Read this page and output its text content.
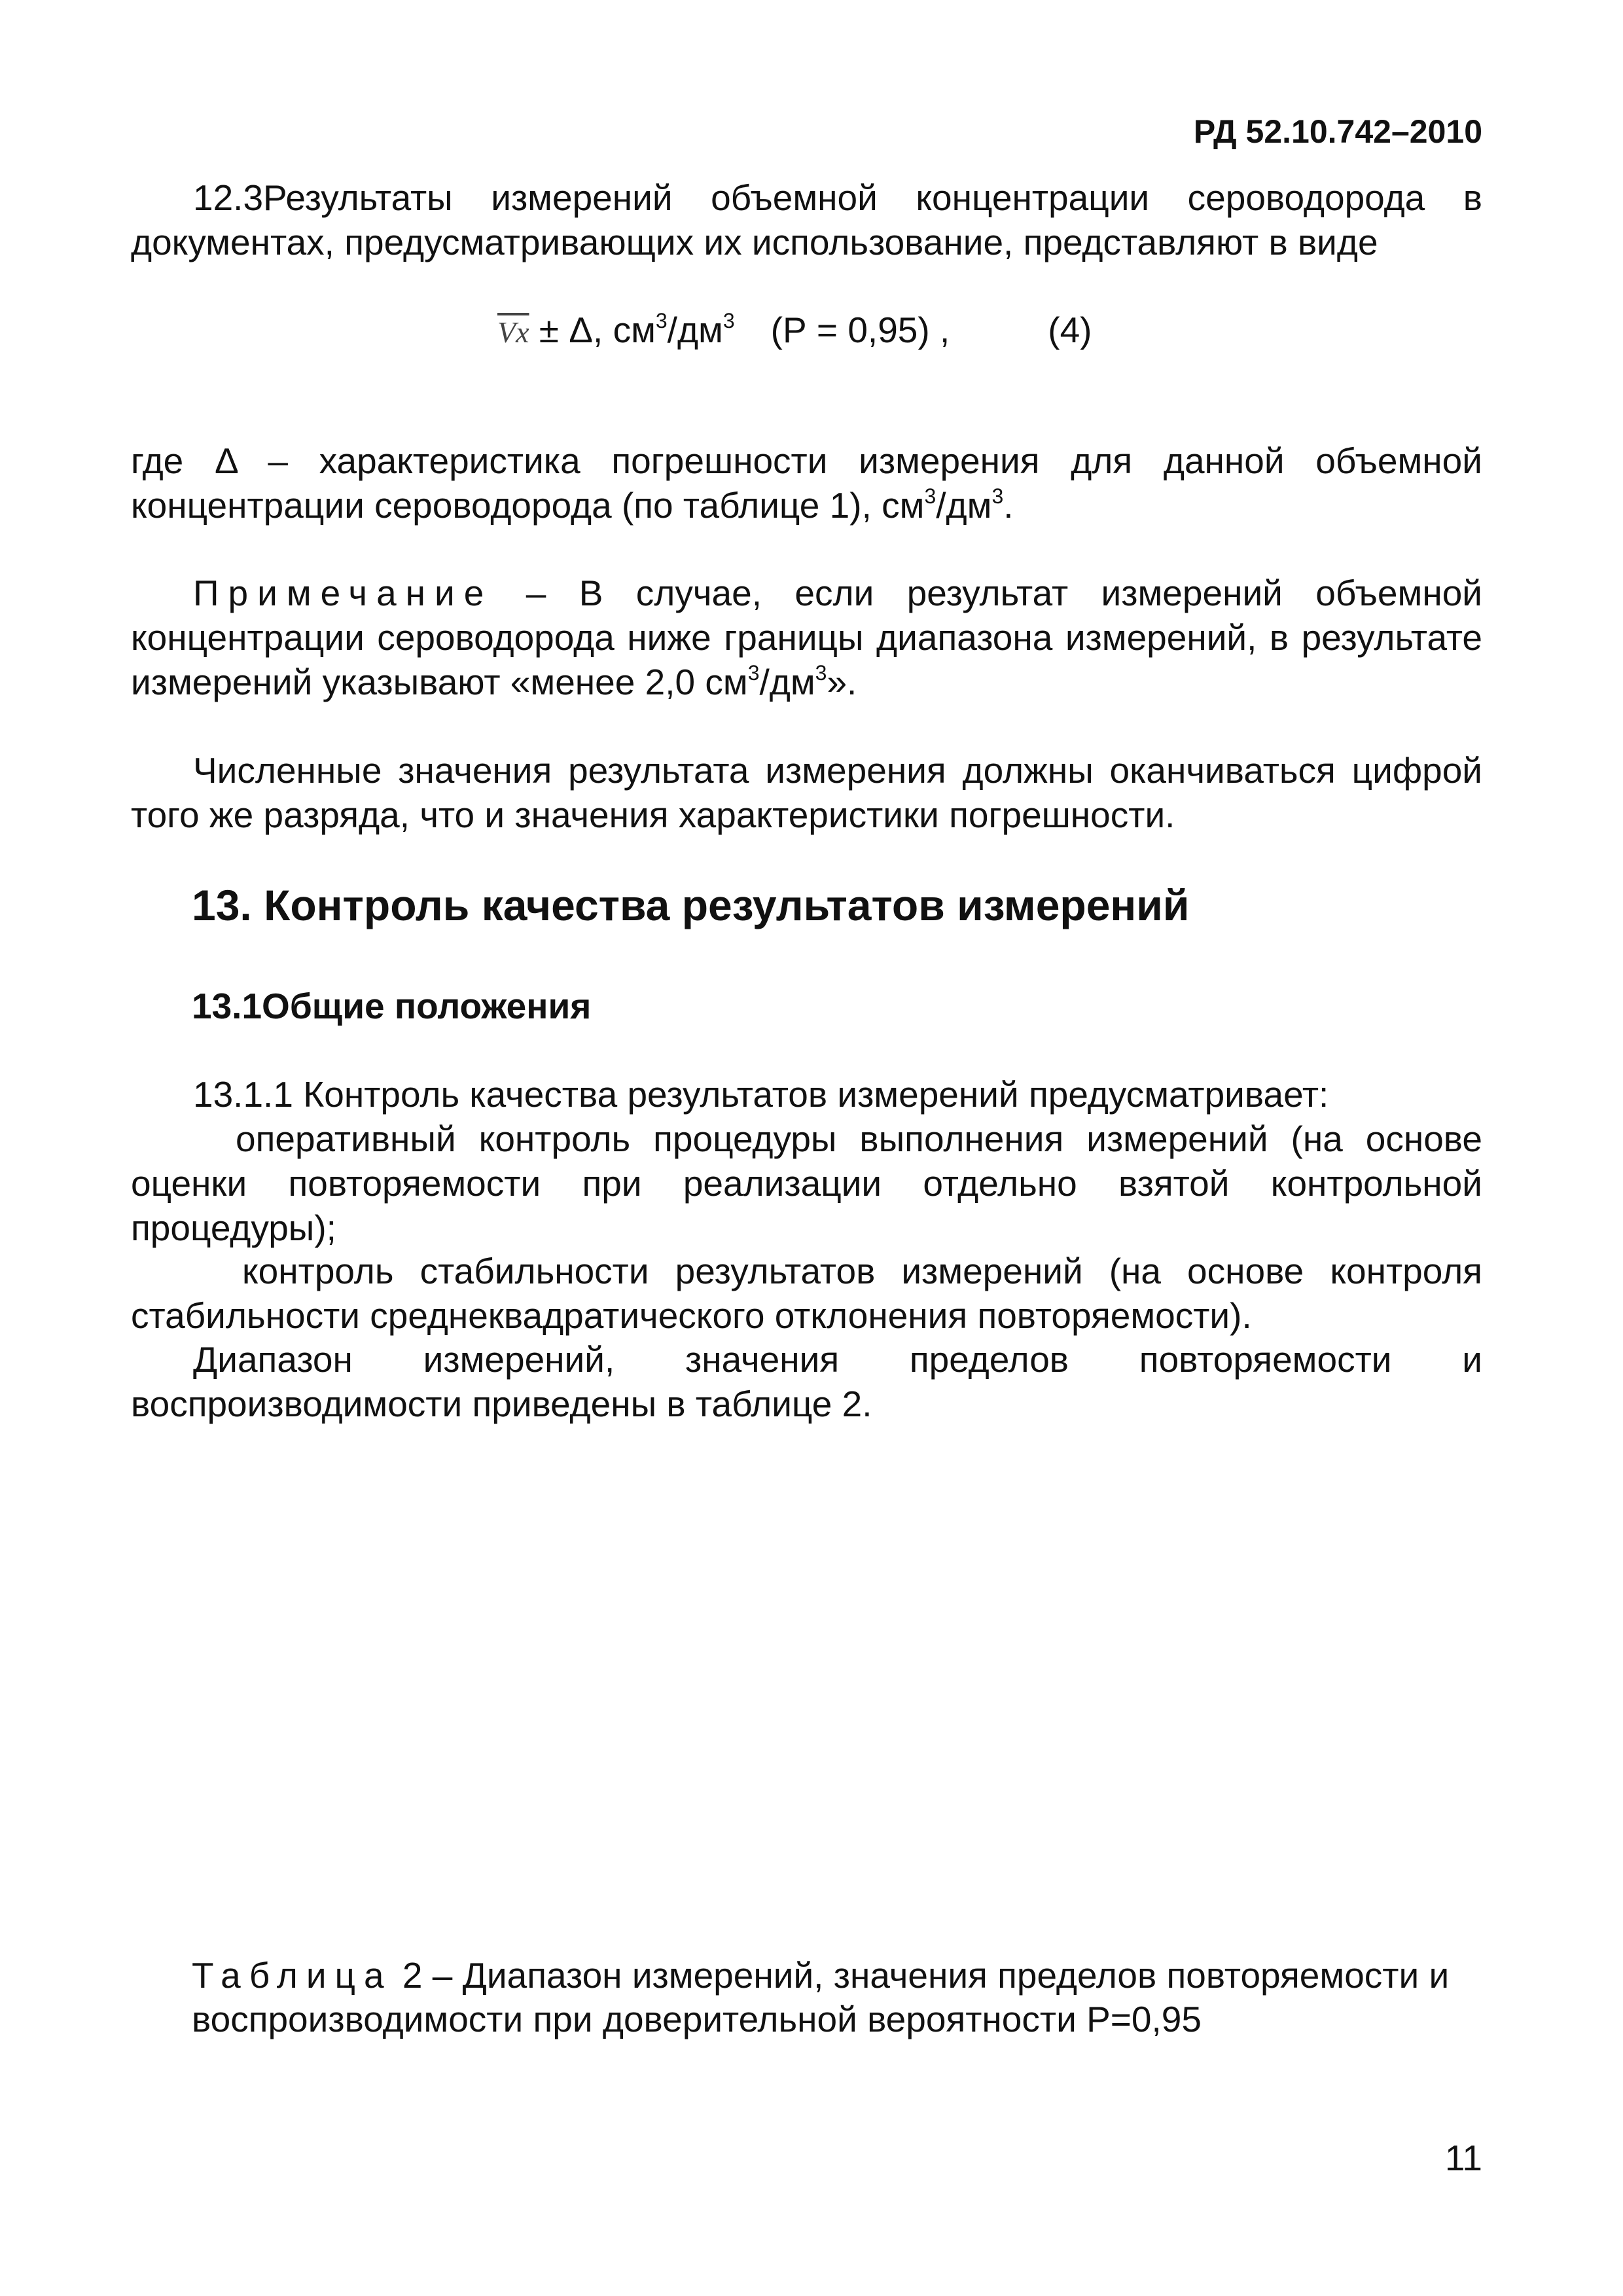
РД 52.10.742–2010
12.3Результаты измерений объемной концентрации сероводорода в документах, предусматривающих их использование, представляют в виде
$\overline{Vx} \pm \Delta$, $см^3/дм^3$ (Р = 0,95) ,	(4)
где Δ – характеристика погрешности измерения для данной объемной концентрации сероводорода (по таблице 1), $см^3/дм^3$.
Примечание – В случае, если результат измерений объемной концентрации сероводорода ниже границы диапазона измерений, в результате измерений указывают «менее 2,0 $см^3/дм^3$».
Численные значения результата измерения должны оканчиваться цифрой того же разряда, что и значения характеристики погрешности.
13. Контроль качества результатов измерений
13.1Общие положения
13.1.1 Контроль качества результатов измерений предусматривает:
оперативный контроль процедуры выполнения измерений (на основе оценки повторяемости при реализации отдельно взятой контрольной процедуры);
контроль стабильности результатов измерений (на основе контроля стабильности среднеквадратического отклонения повторяемости).
Диапазон измерений, значения пределов повторяемости и воспроизводимости приведены в таблице 2.
Таблица 2 – Диапазон измерений, значения пределов повторяемости и воспроизводимости при доверительной вероятности Р=0,95
11
